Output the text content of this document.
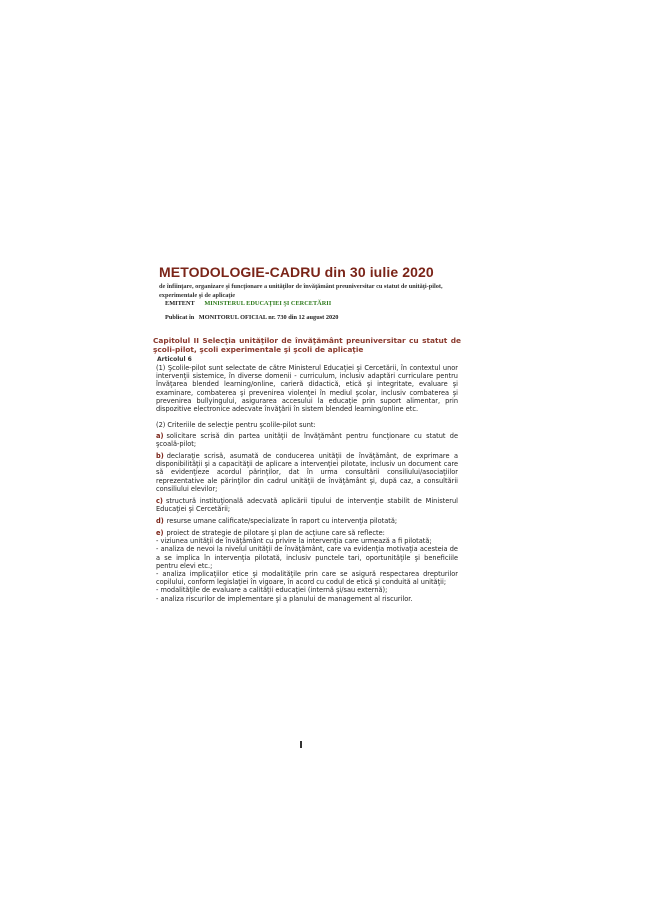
METODOLOGIE-CADRU din 30 iulie 2020
de înfiinţare, organizare şi funcţionare a unităţilor de învăţământ preuniversitar cu statut de unităţi-pilot, experimentale şi de aplicaţie
EMITENT MINISTERUL EDUCAŢIEI ŞI CERCETĂRII
Publicat în MONITORUL OFICIAL nr. 730 din 12 august 2020
Capitolul II Selecţia unităţilor de învăţământ preuniversitar cu statut de şcoli-pilot, şcoli experimentale şi şcoli de aplicaţie
Articolul 6
(1) Şcolile-pilot sunt selectate de către Ministerul Educaţiei şi Cercetării, în contextul unor intervenţii sistemice, în diverse domenii - curriculum, inclusiv adaptări curriculare pentru învăţarea blended learning/online, carieră didactică, etică şi integritate, evaluare şi examinare, combaterea şi prevenirea violenţei în mediul şcolar, inclusiv combaterea şi prevenirea bullyingului, asigurarea accesului la educaţie prin suport alimentar, prin dispozitive electronice adecvate învăţării în sistem blended learning/online etc.
(2) Criteriile de selecţie pentru şcolile-pilot sunt:
a) solicitare scrisă din partea unităţii de învăţământ pentru funcţionare cu statut de şcoală-pilot;
b) declaraţie scrisă, asumată de conducerea unităţii de învăţământ, de exprimare a disponibilităţii şi a capacităţii de aplicare a intervenţiei pilotate, inclusiv un document care să evidenţieze acordul părinţilor, dat în urma consultării consiliului/asociaţiilor reprezentative ale părinţilor din cadrul unităţii de învăţământ şi, după caz, a consultării consiliului elevilor;
c) structură instituţională adecvată aplicării tipului de intervenţie stabilit de Ministerul Educaţiei şi Cercetării;
d) resurse umane calificate/specializate în raport cu intervenţia pilotată;
e) proiect de strategie de pilotare şi plan de acţiune care să reflecte:
- viziunea unităţii de învăţământ cu privire la intervenţia care urmează a fi pilotată;
- analiza de nevoi la nivelul unităţii de învăţământ, care va evidenţia motivaţia acesteia de a se implica în intervenţia pilotată, inclusiv punctele tari, oportunităţile şi beneficiile pentru elevi etc.;
- analiza implicaţiilor etice şi modalităţile prin care se asigură respectarea drepturilor copilului, conform legislaţiei în vigoare, în acord cu codul de etică şi conduită al unităţii;
- modalităţile de evaluare a calităţii educaţiei (internă şi/sau externă);
- analiza riscurilor de implementare şi a planului de management al riscurilor.
